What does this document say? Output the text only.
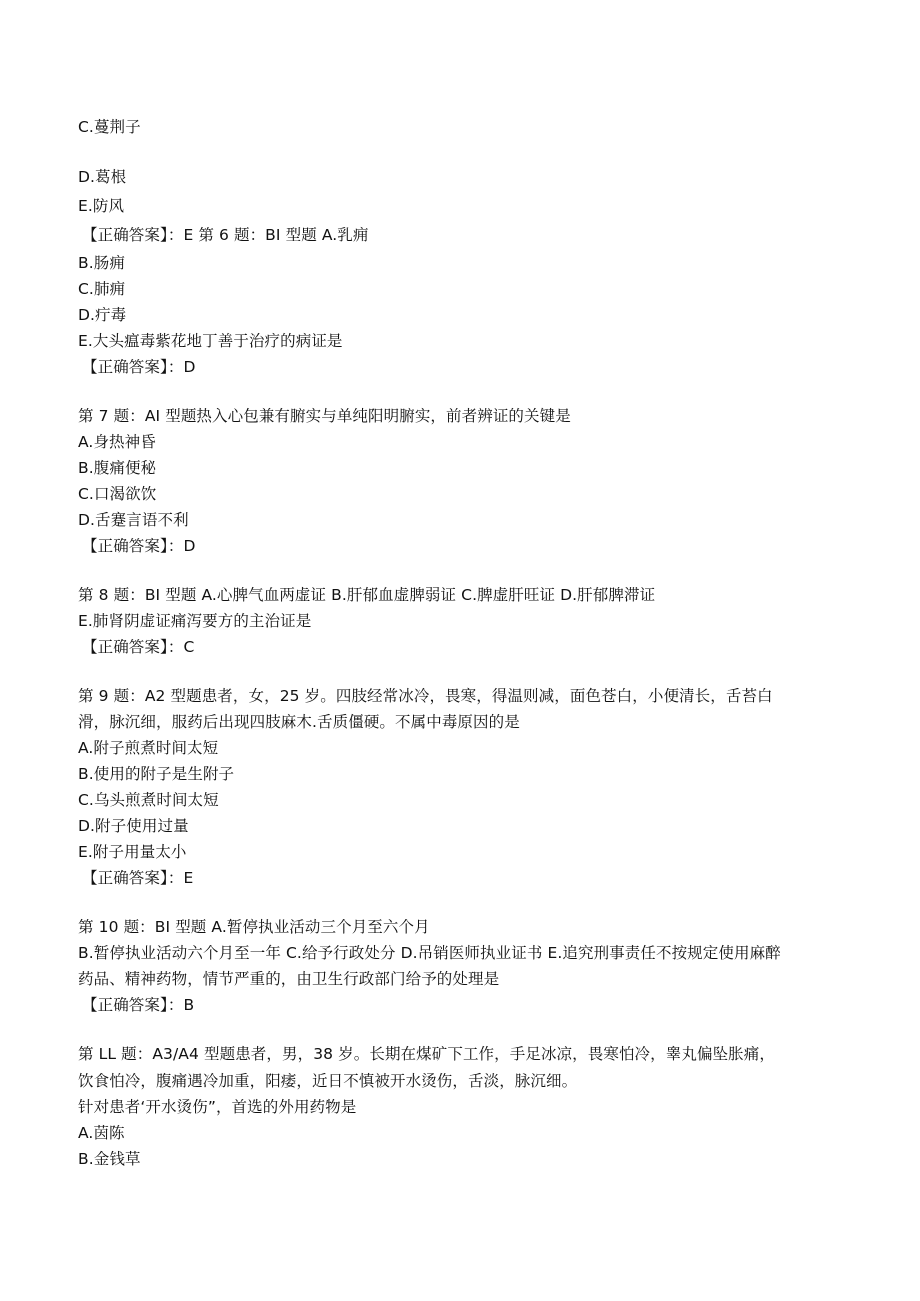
C.蔓荆子
D.葛根
E.防风
【正确答案】：E 第 6 题：BI 型题 A.乳痈
B.肠痈
C.肺痈
D.疔毒
E.大头瘟毒紫花地丁善于治疗的病证是
【正确答案】：D
第 7 题：AI 型题热入心包兼有腑实与单纯阳明腑实，前者辨证的关键是
A.身热神昏
B.腹痛便秘
C.口渴欲饮
D.舌蹇言语不利
【正确答案】：D
第 8 题：BI 型题 A.心脾气血两虚证 B.肝郁血虚脾弱证 C.脾虚肝旺证 D.肝郁脾滞证
E.肺肾阴虚证痛泻要方的主治证是
【正确答案】：C
第 9 题：A2 型题患者，女，25 岁。四肢经常冰冷，畏寒，得温则减，面色苍白，小便清长，舌苔白
滑，脉沉细，服药后出现四肢麻木.舌质僵硬。不属中毒原因的是
A.附子煎煮时间太短
B.使用的附子是生附子
C.乌头煎煮时间太短
D.附子使用过量
E.附子用量太小
【正确答案】：E
第 10 题：BI 型题 A.暂停执业活动三个月至六个月
B.暂停执业活动六个月至一年 C.给予行政处分 D.吊销医师执业证书 E.追究刑事责任不按规定使用麻醉
药品、精神药物，情节严重的，由卫生行政部门给予的处理是
【正确答案】：B
第 LL 题：A3/A4 型题患者，男，38 岁。长期在煤矿下工作，手足冰凉，畏寒怕冷，睾丸偏坠胀痛，
饮食怕冷，腹痛遇冷加重，阳痿，近日不慎被开水烫伤，舌淡，脉沉细。
针对患者‘开水烫伤”，首选的外用药物是
A.茵陈
B.金钱草
